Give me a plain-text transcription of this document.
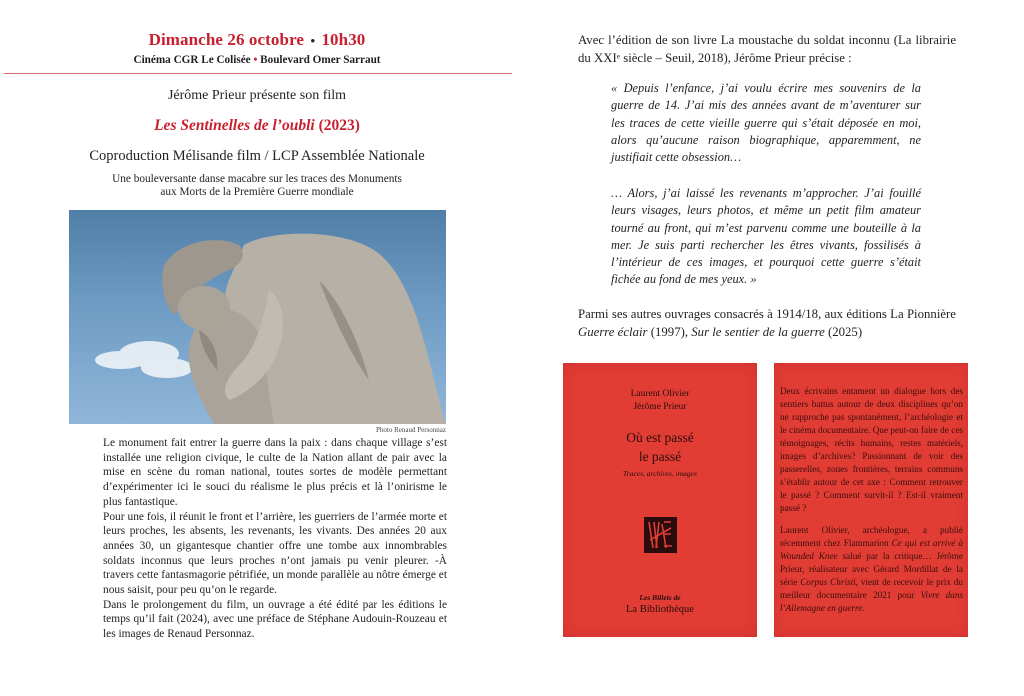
Dimanche 26 octobre • 10h30
Cinéma CGR Le Colisée • Boulevard Omer Sarraut
Jérôme Prieur présente son film
Les Sentinelles de l’oubli (2023)
Coproduction Mélisande film / LCP Assemblée Nationale
Une bouleversante danse macabre sur les traces des Monuments
aux Morts de la Première Guerre mondiale
Photo Renaud Personnaz

Le monument fait entrer la guerre dans la paix : dans chaque village s’est installée une religion civique, le culte de la Nation allant de pair avec la mise en scène du roman national, toutes sortes de modèle permettant d’expérimenter ici le souci du réalisme le plus précis et là l’onirisme le plus fantastique.

Pour une fois, il réunit le front et l’arrière, les guerriers de l’armée morte et leurs proches, les absents, les revenants, les vivants. Des années 20 aux années 30, un gigantesque chantier offre une tombe aux innombrables soldats inconnus que leurs proches n’ont jamais pu venir pleurer. -À travers cette fantasmagorie pétrifiée, un monde parallèle au nôtre émerge et nous saisit, pour peu qu’on le regarde.

Dans le prolongement du film, un ouvrage a été édité par les éditions le temps qu’il fait (2024), avec une préface de Stéphane Audouin-Rouzeau et les images de Renaud Personnaz.

Avec l’édition de son livre La moustache du soldat inconnu (La librairie du XXIᵉ siècle – Seuil, 2018), Jérôme Prieur précise :
« Depuis l’enfance, j’ai voulu écrire mes souvenirs de la guerre de 14. J’ai mis des années avant de m’aventurer sur les traces de cette vieille guerre qui s’était déposée en moi, alors qu’aucune raison biographique, apparemment, ne justifiait cette obsession…
… Alors, j’ai laissé les revenants m’approcher. J’ai fouillé leurs visages, leurs photos, et même un petit film amateur tourné au front, qui m’est parvenu comme une bouteille à la mer. Je suis parti rechercher les êtres vivants, fossilisés à l’intérieur de ces images, et pourquoi cette guerre s’était fichée au fond de mes yeux. »
Parmi ses autres ouvrages consacrés à 1914/18, aux éditions La Pionnière Guerre éclair (1997), Sur le sentier de la guerre (2025)
Laurent Olivier
Jérôme Prieur
Où est passé
le passé
Traces, archives, images
Les Billets de
La Bibliothèque

Deux écrivains entament un dialogue hors des sentiers battus autour de deux disciplines qu’on ne rapproche pas spontanément, l’archéologie et le cinéma documentaire. Que peut-on faire de ces témoignages, récits humains, restes matériels, images d’archives? Passionnant de voir des passerelles, zones frontières, terrains communs s’établir autour de cet axe : Comment retrouver le passé ? Comment survit-il ? Est-il vraiment passé ?

Laurent Olivier, archéologue, a publié récemment chez Flammarion Ce qui est arrivé à Wounded Knee salué par la critique… Jérôme Prieur, réalisateur avec Gérard Mordillat de la série Corpus Christi, vient de recevoir le prix du meilleur documentaire 2021 pour Vivre dans l’Allemagne en guerre.
